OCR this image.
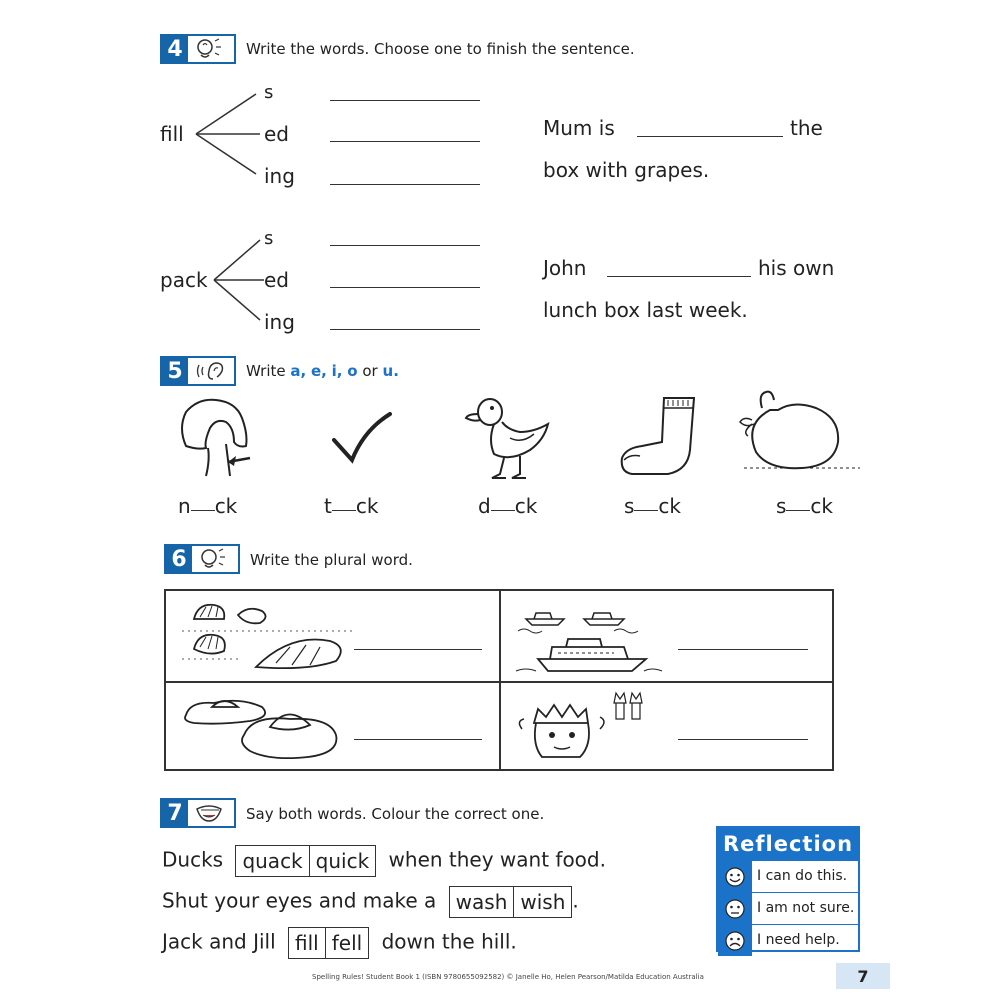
4	Write the words. Choose one to finish the sentence.
fill
s
ed
ing
Mum is	the
box with grapes.
pack
s
ed
ing
John	his own
lunch box last week.
5	Write a, e, i, o or u.
n ck	t ck	d ck	s ck	s ck
6	Write the plural word.
7	Say both words. Colour the correct one.
Ducks quack quick when they want food.
Shut your eyes and make a wash wish .
Jack and Jill fill fell down the hill.
Reflection
I can do this.
I am not sure.
I need help.
Spelling Rules! Student Book 1 (ISBN 9780655092582) © Janelle Ho, Helen Pearson/Matilda Education Australia	7
